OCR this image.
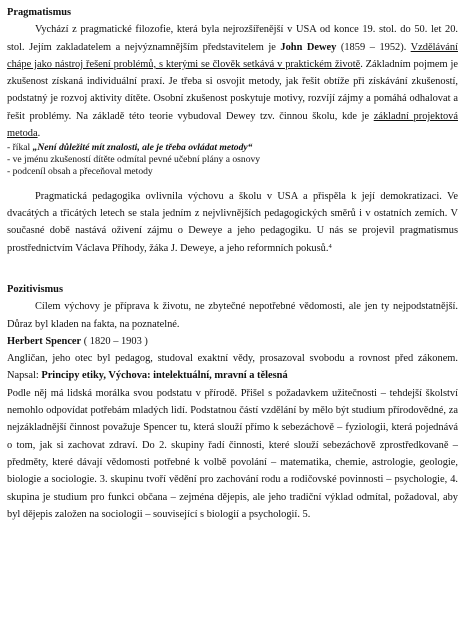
Pragmatismus

Vychází z pragmatické filozofie, která byla nejrozšířenější v USA od konce 19. stol. do 50. let 20. stol. Jejím zakladatelem a nejvýznamnějším představitelem je John Dewey (1859 – 1952). Vzdělávání chápe jako nástroj řešení problémů, s kterými se člověk setkává v praktickém životě. Základním pojmem je zkušenost získaná individuální praxí. Je třeba si osvojit metody, jak řešit obtíže při získávání zkušeností, podstatný je rozvoj aktivity dítěte. Osobní zkušenost poskytuje motivy, rozvíjí zájmy a pomáhá odhalovat a řešit problémy. Na základě této teorie vybudoval Dewey tzv. činnou školu, kde je základní projektová metoda.

- říkal „Není důležité mít znalosti, ale je třeba ovládat metody“
- ve jménu zkušeností dítěte odmítal pevné učební plány a osnovy
- podceníl obsah a přeceňoval metody

Pragmatická pedagogika ovlivnila výchovu a školu v USA a přispěla k její demokratizaci. Ve dvacátých a třicátých letech se stala jedním z nejvlivnějších pedagogických směrů i v ostatních zemích. V současné době nastává oživení zájmu o Deweye a jeho pedagogiku. U nás se projevil pragmatismus prostřednictvím Václava Příhody, žáka J. Deweye, a jeho reformních pokusů.$^4$

Pozitivismus

Cílem výchovy je příprava k životu, ne zbytečné nepotřebné vědomosti, ale jen ty nejpodstatnější. Důraz byl kladen na fakta, na poznatelné.

Herbert Spencer ( 1820 – 1903 )

Angličan, jeho otec byl pedagog, studoval exaktní vědy, prosazoval svobodu a rovnost před zákonem. Napsal: Principy etiky, Výchova: intelektuální, mravní a tělesná

Podle něj má lidská morálka svou podstatu v přírodě. Přišel s požadavkem užitečnosti – tehdejší školství nemohlo odpovídat potřebám mladých lidí. Podstatnou částí vzdělání by mělo být studium přírodovědné, za nejzákladnější činnost považuje Spencer tu, která slouží přímo k sebezáchově – fyziologii, která pojednává o tom, jak si zachovat zdraví. Do 2. skupiny řadí činnosti, které slouží sebezáchově zprostředkovaně – předměty, které dávají vědomosti potřebné k volbě povolání – matematika, chemie, astrologie, geologie, biologie a sociologie. 3. skupinu tvoří vědění pro zachování rodu a rodičovské povinnosti – psychologie, 4. skupina je studium pro funkci občana – zejména dějepis, ale jeho tradiční výklad odmítal, požadoval, aby byl dějepis založen na sociologii – související s biologií a psychologií. 5.
